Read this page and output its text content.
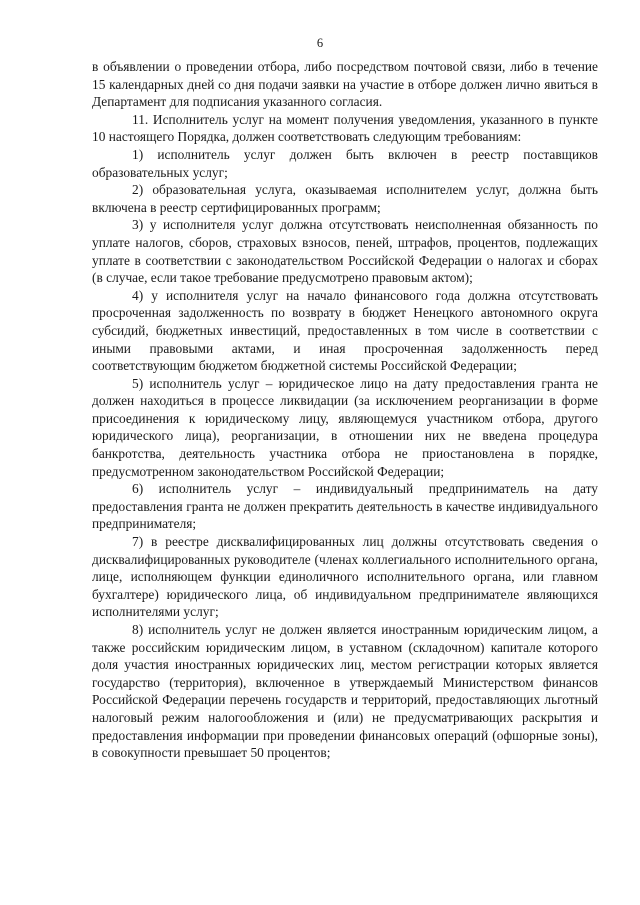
6

в объявлении о проведении отбора, либо посредством почтовой связи, либо в течение 15 календарных дней со дня подачи заявки на участие в отборе должен лично явиться в Департамент для подписания указанного согласия.

11. Исполнитель услуг на момент получения уведомления, указанного в пункте 10 настоящего Порядка, должен соответствовать следующим требованиям:

1) исполнитель услуг должен быть включен в реестр поставщиков образовательных услуг;

2) образовательная услуга, оказываемая исполнителем услуг, должна быть включена в реестр сертифицированных программ;

3) у исполнителя услуг должна отсутствовать неисполненная обязанность по уплате налогов, сборов, страховых взносов, пеней, штрафов, процентов, подлежащих уплате в соответствии с законодательством Российской Федерации о налогах и сборах (в случае, если такое требование предусмотрено правовым актом);

4) у исполнителя услуг на начало финансового года должна отсутствовать просроченная задолженность по возврату в бюджет Ненецкого автономного округа субсидий, бюджетных инвестиций, предоставленных в том числе в соответствии с иными правовыми актами, и иная просроченная задолженность перед соответствующим бюджетом бюджетной системы Российской Федерации;

5) исполнитель услуг – юридическое лицо на дату предоставления гранта не должен находиться в процессе ликвидации (за исключением реорганизации в форме присоединения к юридическому лицу, являющемуся участником отбора, другого юридического лица), реорганизации, в отношении них не введена процедура банкротства, деятельность участника отбора не приостановлена в порядке, предусмотренном законодательством Российской Федерации;

6) исполнитель услуг – индивидуальный предприниматель на дату предоставления гранта не должен прекратить деятельность в качестве индивидуального предпринимателя;

7) в реестре дисквалифицированных лиц должны отсутствовать сведения о дисквалифицированных руководителе (членах коллегиального исполнительного органа, лице, исполняющем функции единоличного исполнительного органа, или главном бухгалтере) юридического лица, об индивидуальном предпринимателе являющихся исполнителями услуг;

8) исполнитель услуг не должен является иностранным юридическим лицом, а также российским юридическим лицом, в уставном (складочном) капитале которого доля участия иностранных юридических лиц, местом регистрации которых является государство (территория), включенное в утверждаемый Министерством финансов Российской Федерации перечень государств и территорий, предоставляющих льготный налоговый режим налогообложения и (или) не предусматривающих раскрытия и предоставления информации при проведении финансовых операций (офшорные зоны), в совокупности превышает 50 процентов;
